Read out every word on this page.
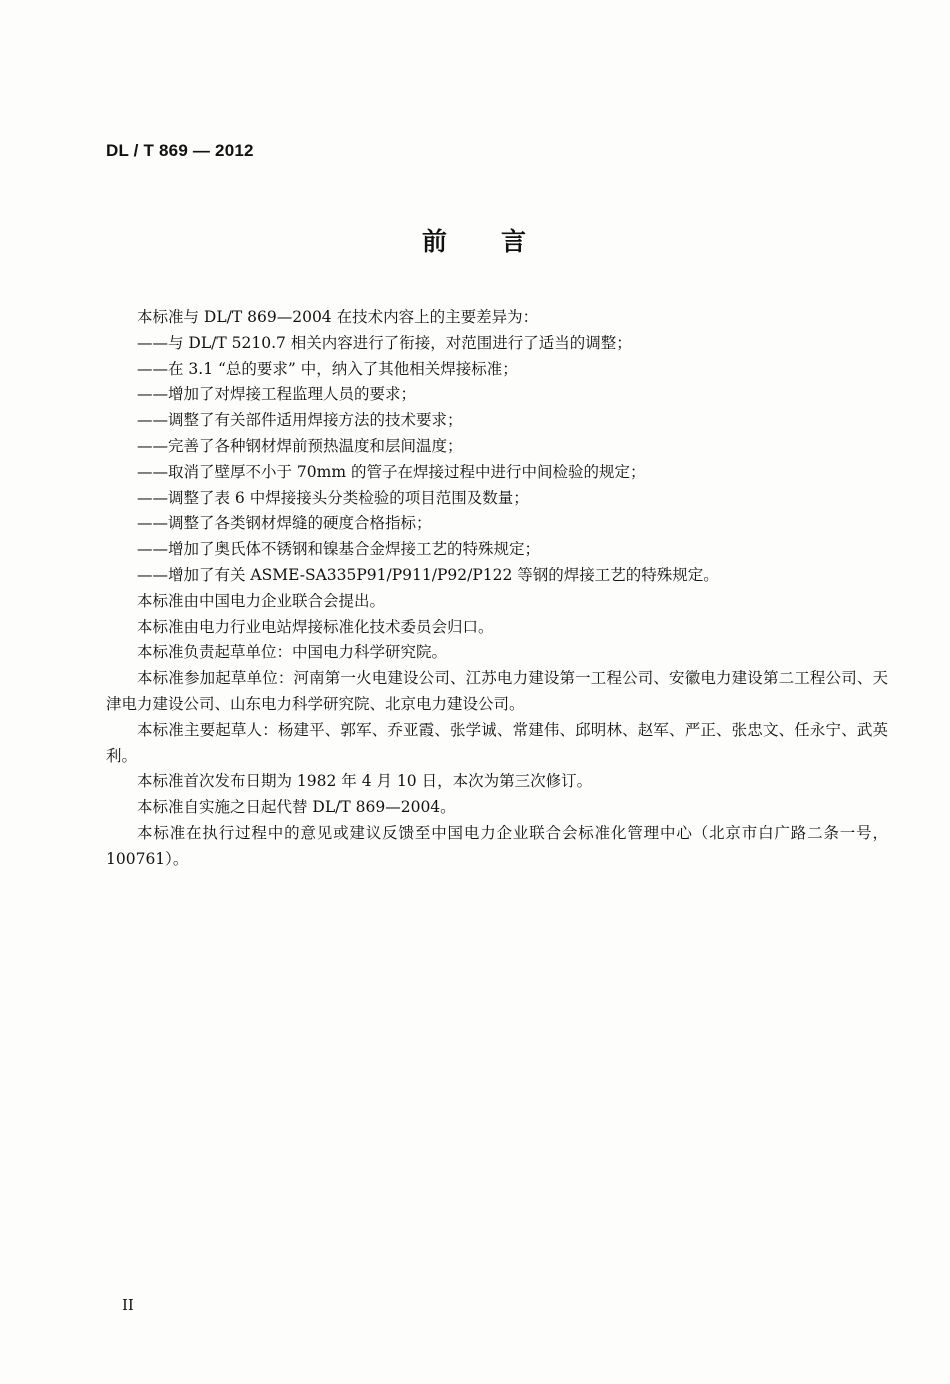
DL / T 869 — 2012
前 言

本标准与 DL/T 869—2004 在技术内容上的主要差异为：

——与 DL/T 5210.7 相关内容进行了衔接，对范围进行了适当的调整；

——在 3.1 “总的要求” 中，纳入了其他相关焊接标准；

——增加了对焊接工程监理人员的要求；

——调整了有关部件适用焊接方法的技术要求；

——完善了各种钢材焊前预热温度和层间温度；

——取消了壁厚不小于 70mm 的管子在焊接过程中进行中间检验的规定；

——调整了表 6 中焊接接头分类检验的项目范围及数量；

——调整了各类钢材焊缝的硬度合格指标；

——增加了奥氏体不锈钢和镍基合金焊接工艺的特殊规定；

——增加了有关 ASME-SA335P91/P911/P92/P122 等钢的焊接工艺的特殊规定。

本标准由中国电力企业联合会提出。

本标准由电力行业电站焊接标准化技术委员会归口。

本标准负责起草单位：中国电力科学研究院。

本标准参加起草单位：河南第一火电建设公司、江苏电力建设第一工程公司、安徽电力建设第二工程公司、天津电力建设公司、山东电力科学研究院、北京电力建设公司。

本标准主要起草人：杨建平、郭军、乔亚霞、张学诚、常建伟、邱明林、赵军、严正、张忠文、任永宁、武英利。

本标准首次发布日期为 1982 年 4 月 10 日，本次为第三次修订。

本标准自实施之日起代替 DL/T 869—2004。

本标准在执行过程中的意见或建议反馈至中国电力企业联合会标准化管理中心（北京市白广路二条一号，100761）。

II
